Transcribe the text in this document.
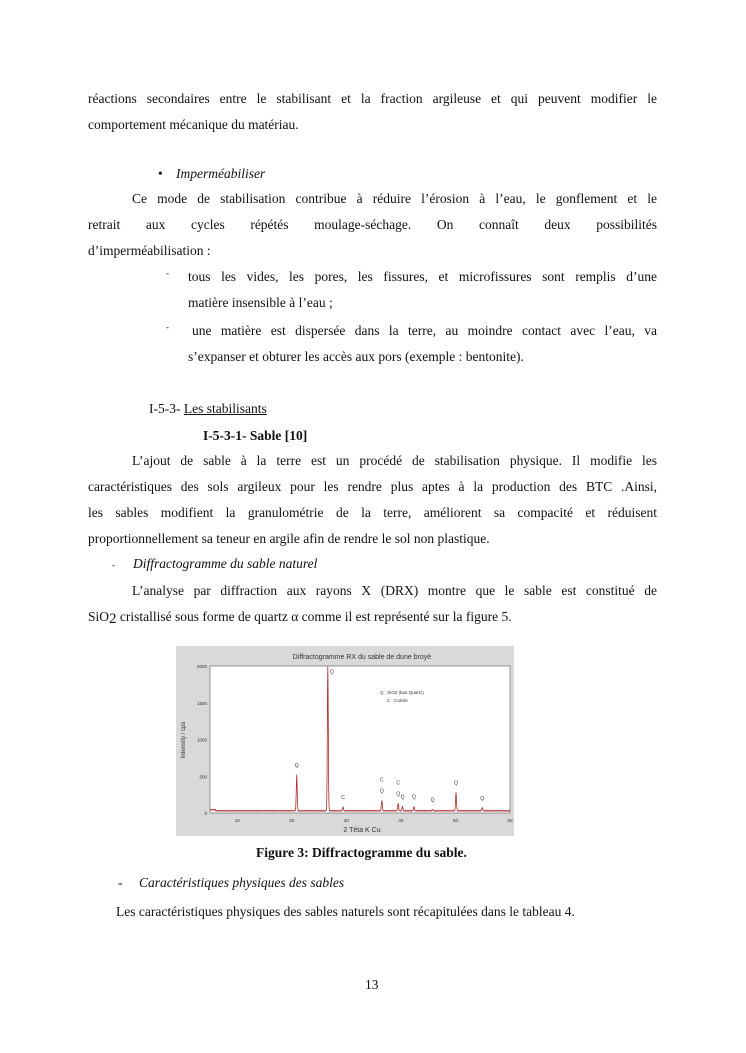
réactions secondaires entre le stabilisant et la fraction argileuse et qui peuvent modifier le
comportement mécanique du matériau.
• Imperméabiliser
Ce mode de stabilisation contribue à réduire l’érosion à l’eau, le gonflement et le
retrait aux cycles répétés moulage-séchage. On connaît deux possibilités
d’imperméabilisation :
- tous les vides, les pores, les fissures, et microfissures sont remplis d’une
matière insensible à l’eau ;
- une matière est dispersée dans la terre, au moindre contact avec l’eau, va
s’expanser et obturer les accès aux pors (exemple : bentonite).
I-5-3- Les stabilisants
I-5-3-1- Sable [10]
L’ajout de sable à la terre est un procédé de stabilisation physique. Il modifie les
caractéristiques des sols argileux pour les rendre plus aptes à la production des BTC .Ainsi,
les sables modifient la granulométrie de la terre, améliorent sa compacité et réduisent
proportionnellement sa teneur en argile afin de rendre le sol non plastique.
- Diffractogramme du sable naturel
L’analyse par diffraction aux rayons X (DRX) montre que le sable est constitué de
SiO2 cristallisé sous forme de quartz α comme il est représenté sur la figure 5.
Diffractogramme RX du sable de dune broyé
2 Téta K Cu
Intensity / cps
10	20	30	40	50	60
0
500
1000
1500
2000
Q : SiO2 (bas-Quartz)
C : Calcite
Q
Q
C
C
Q
C
Q Q Q	Q
Q
Q
Figure 3: Diffractogramme du sable.
- Caractéristiques physiques des sables
Les caractéristiques physiques des sables naturels sont récapitulées dans le tableau 4.
13
